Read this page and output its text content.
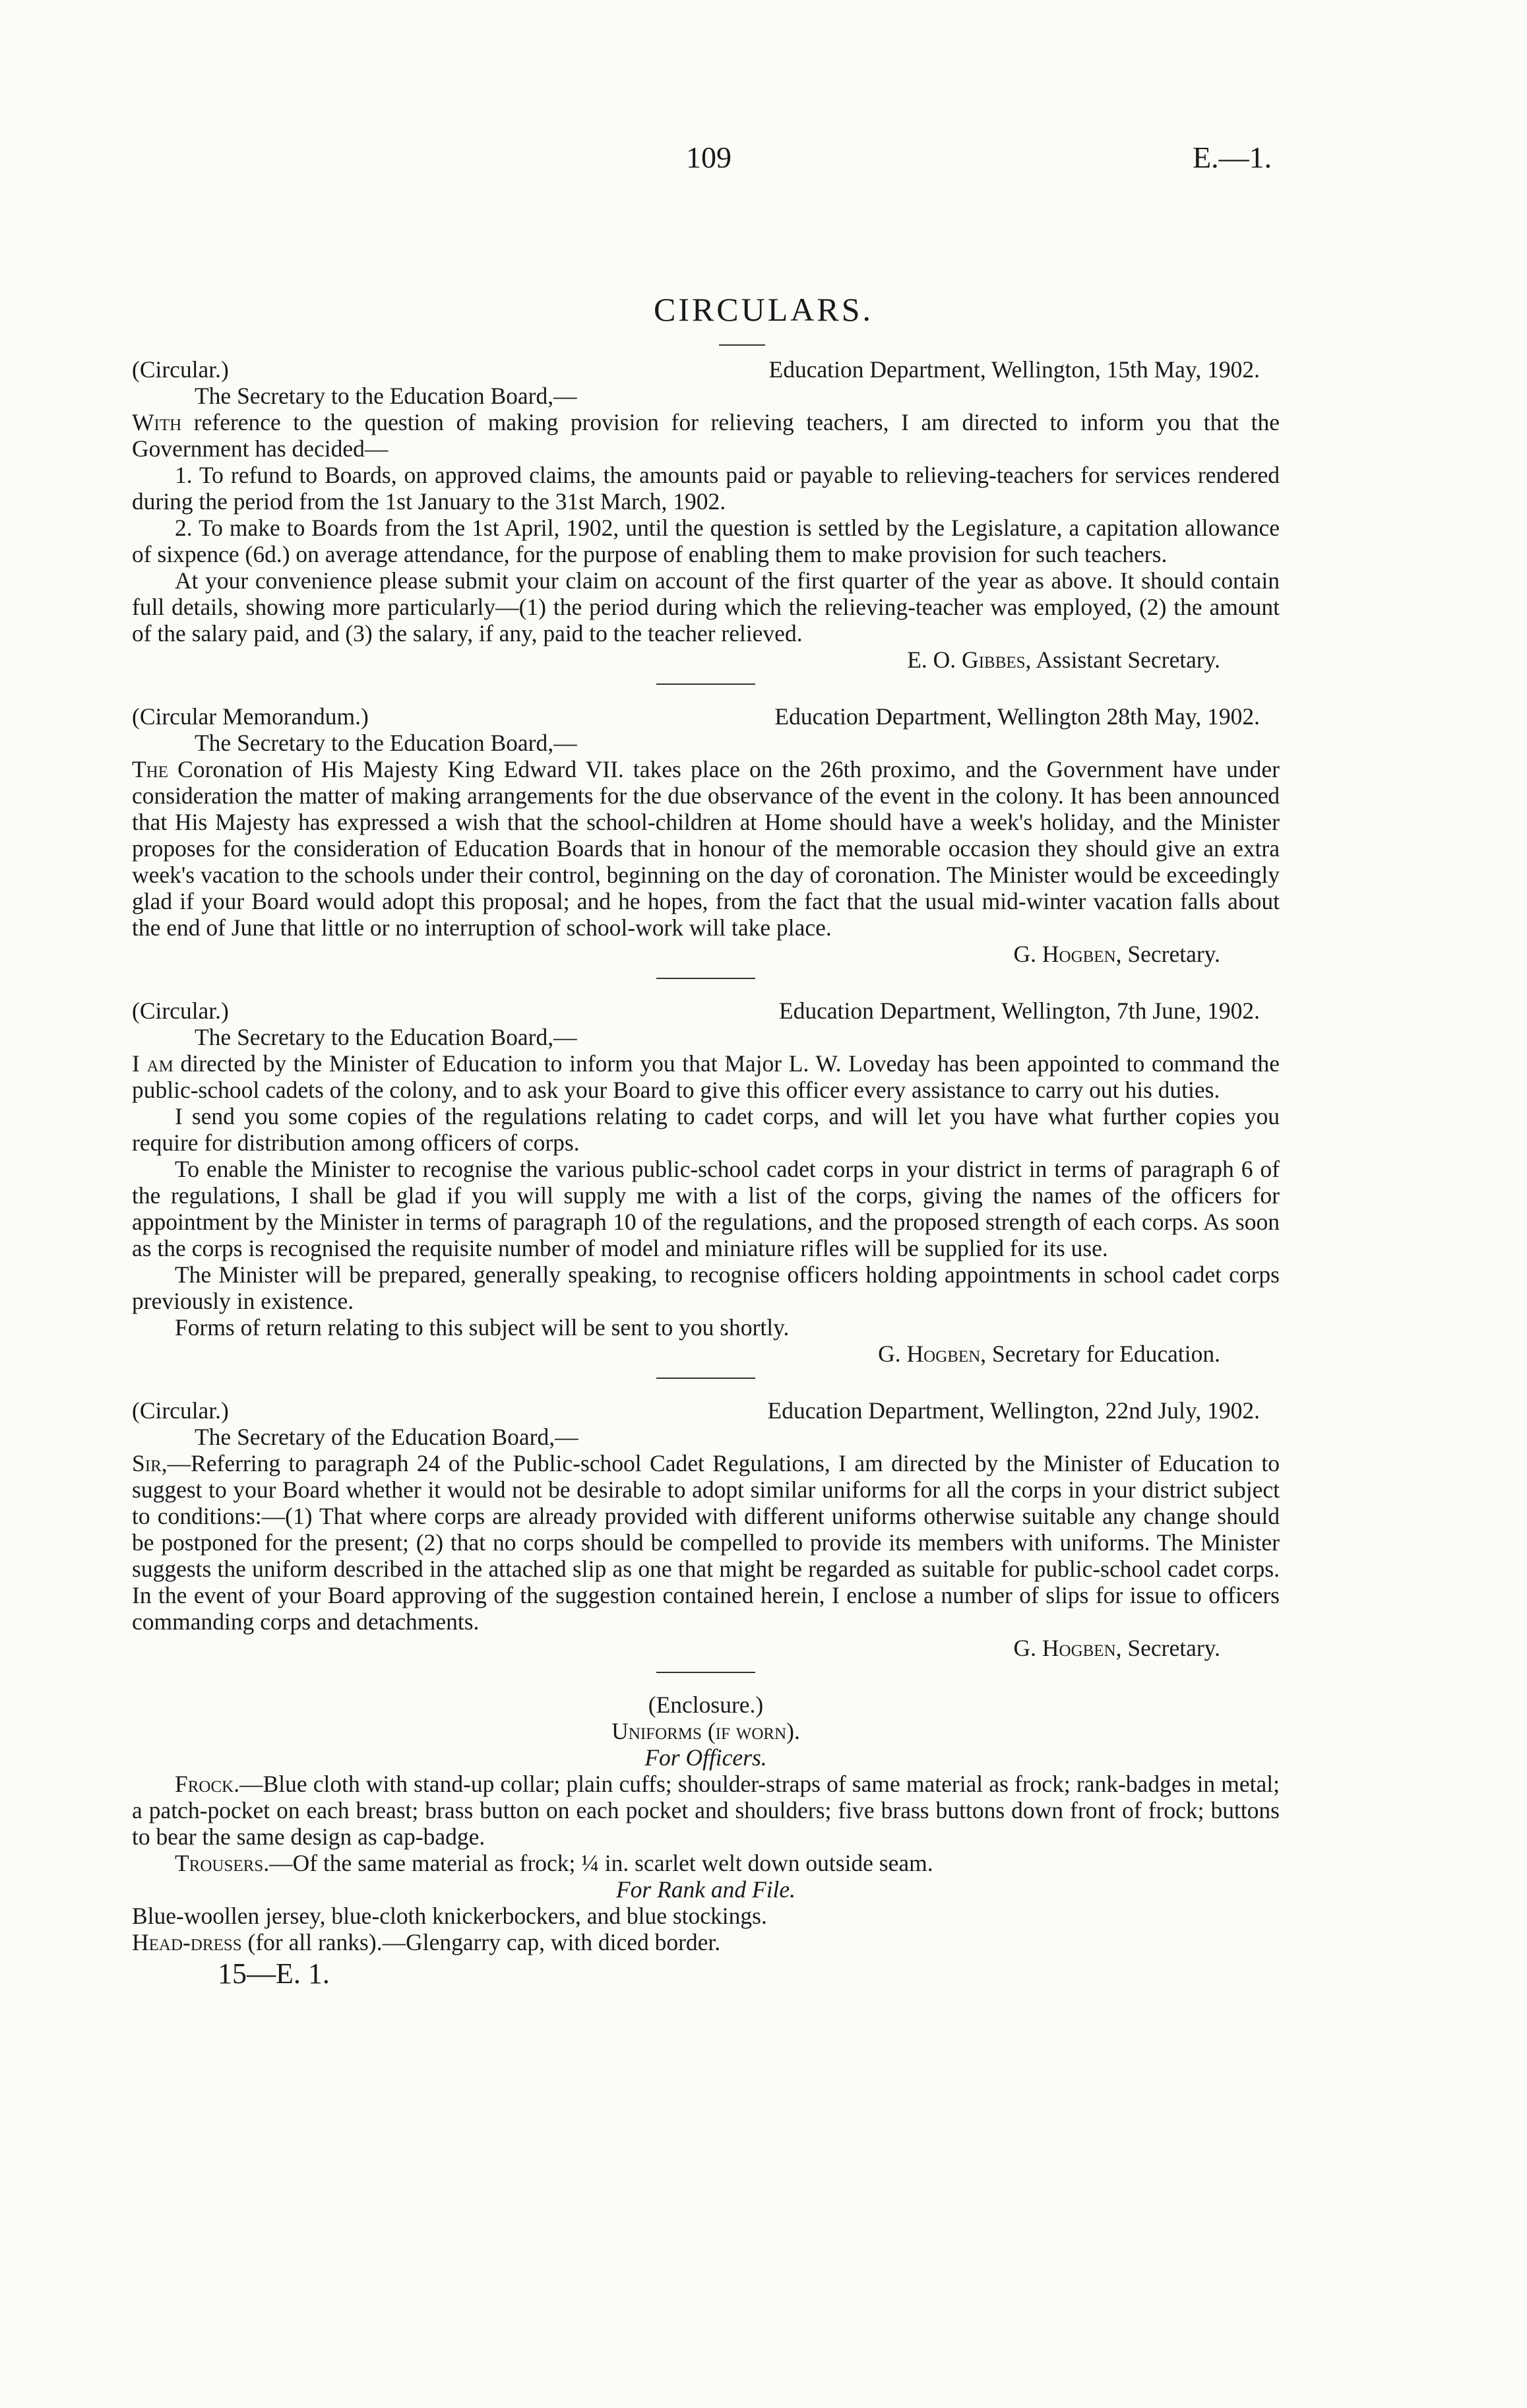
109	E.—1.
CIRCULARS.
(Circular.)	Education Department, Wellington, 15th May, 1902.
The Secretary to the Education Board,—

With reference to the question of making provision for relieving teachers, I am directed to inform you that the Government has decided—

1. To refund to Boards, on approved claims, the amounts paid or payable to relieving-teachers for services rendered during the period from the 1st January to the 31st March, 1902.

2. To make to Boards from the 1st April, 1902, until the question is settled by the Legislature, a capitation allowance of sixpence (6d.) on average attendance, for the purpose of enabling them to make provision for such teachers.

At your convenience please submit your claim on account of the first quarter of the year as above. It should contain full details, showing more particularly—(1) the period during which the relieving-teacher was employed, (2) the amount of the salary paid, and (3) the salary, if any, paid to the teacher relieved.

E. O. Gibbes, Assistant Secretary.
(Circular Memorandum.)	Education Department, Wellington 28th May, 1902.
The Secretary to the Education Board,—

The Coronation of His Majesty King Edward VII. takes place on the 26th proximo, and the Government have under consideration the matter of making arrangements for the due observance of the event in the colony. It has been announced that His Majesty has expressed a wish that the school-children at Home should have a week's holiday, and the Minister proposes for the consideration of Education Boards that in honour of the memorable occasion they should give an extra week's vacation to the schools under their control, beginning on the day of coronation. The Minister would be exceedingly glad if your Board would adopt this proposal; and he hopes, from the fact that the usual mid-winter vacation falls about the end of June that little or no interruption of school-work will take place.

G. Hogben, Secretary.
(Circular.)	Education Department, Wellington, 7th June, 1902.
The Secretary to the Education Board,—

I am directed by the Minister of Education to inform you that Major L. W. Loveday has been appointed to command the public-school cadets of the colony, and to ask your Board to give this officer every assistance to carry out his duties.

I send you some copies of the regulations relating to cadet corps, and will let you have what further copies you require for distribution among officers of corps.

To enable the Minister to recognise the various public-school cadet corps in your district in terms of paragraph 6 of the regulations, I shall be glad if you will supply me with a list of the corps, giving the names of the officers for appointment by the Minister in terms of paragraph 10 of the regulations, and the proposed strength of each corps. As soon as the corps is recognised the requisite number of model and miniature rifles will be supplied for its use.

The Minister will be prepared, generally speaking, to recognise officers holding appointments in school cadet corps previously in existence.

Forms of return relating to this subject will be sent to you shortly.

G. Hogben, Secretary for Education.
(Circular.)	Education Department, Wellington, 22nd July, 1902.
The Secretary of the Education Board,—

Sir,—Referring to paragraph 24 of the Public-school Cadet Regulations, I am directed by the Minister of Education to suggest to your Board whether it would not be desirable to adopt similar uniforms for all the corps in your district subject to conditions:—(1) That where corps are already provided with different uniforms otherwise suitable any change should be postponed for the present; (2) that no corps should be compelled to provide its members with uniforms. The Minister suggests the uniform described in the attached slip as one that might be regarded as suitable for public-school cadet corps. In the event of your Board approving of the suggestion contained herein, I enclose a number of slips for issue to officers commanding corps and detachments.

G. Hogben, Secretary.
(Enclosure.)
Uniforms (if worn).
For Officers.

Frock.—Blue cloth with stand-up collar; plain cuffs; shoulder-straps of same material as frock; rank-badges in metal; a patch-pocket on each breast; brass button on each pocket and shoulders; five brass buttons down front of frock; buttons to bear the same design as cap-badge.

Trousers.—Of the same material as frock; ¼ in. scarlet welt down outside seam.

For Rank and File.

Blue-woollen jersey, blue-cloth knickerbockers, and blue stockings.

Head-dress (for all ranks).—Glengarry cap, with diced border.

15—E. 1.
